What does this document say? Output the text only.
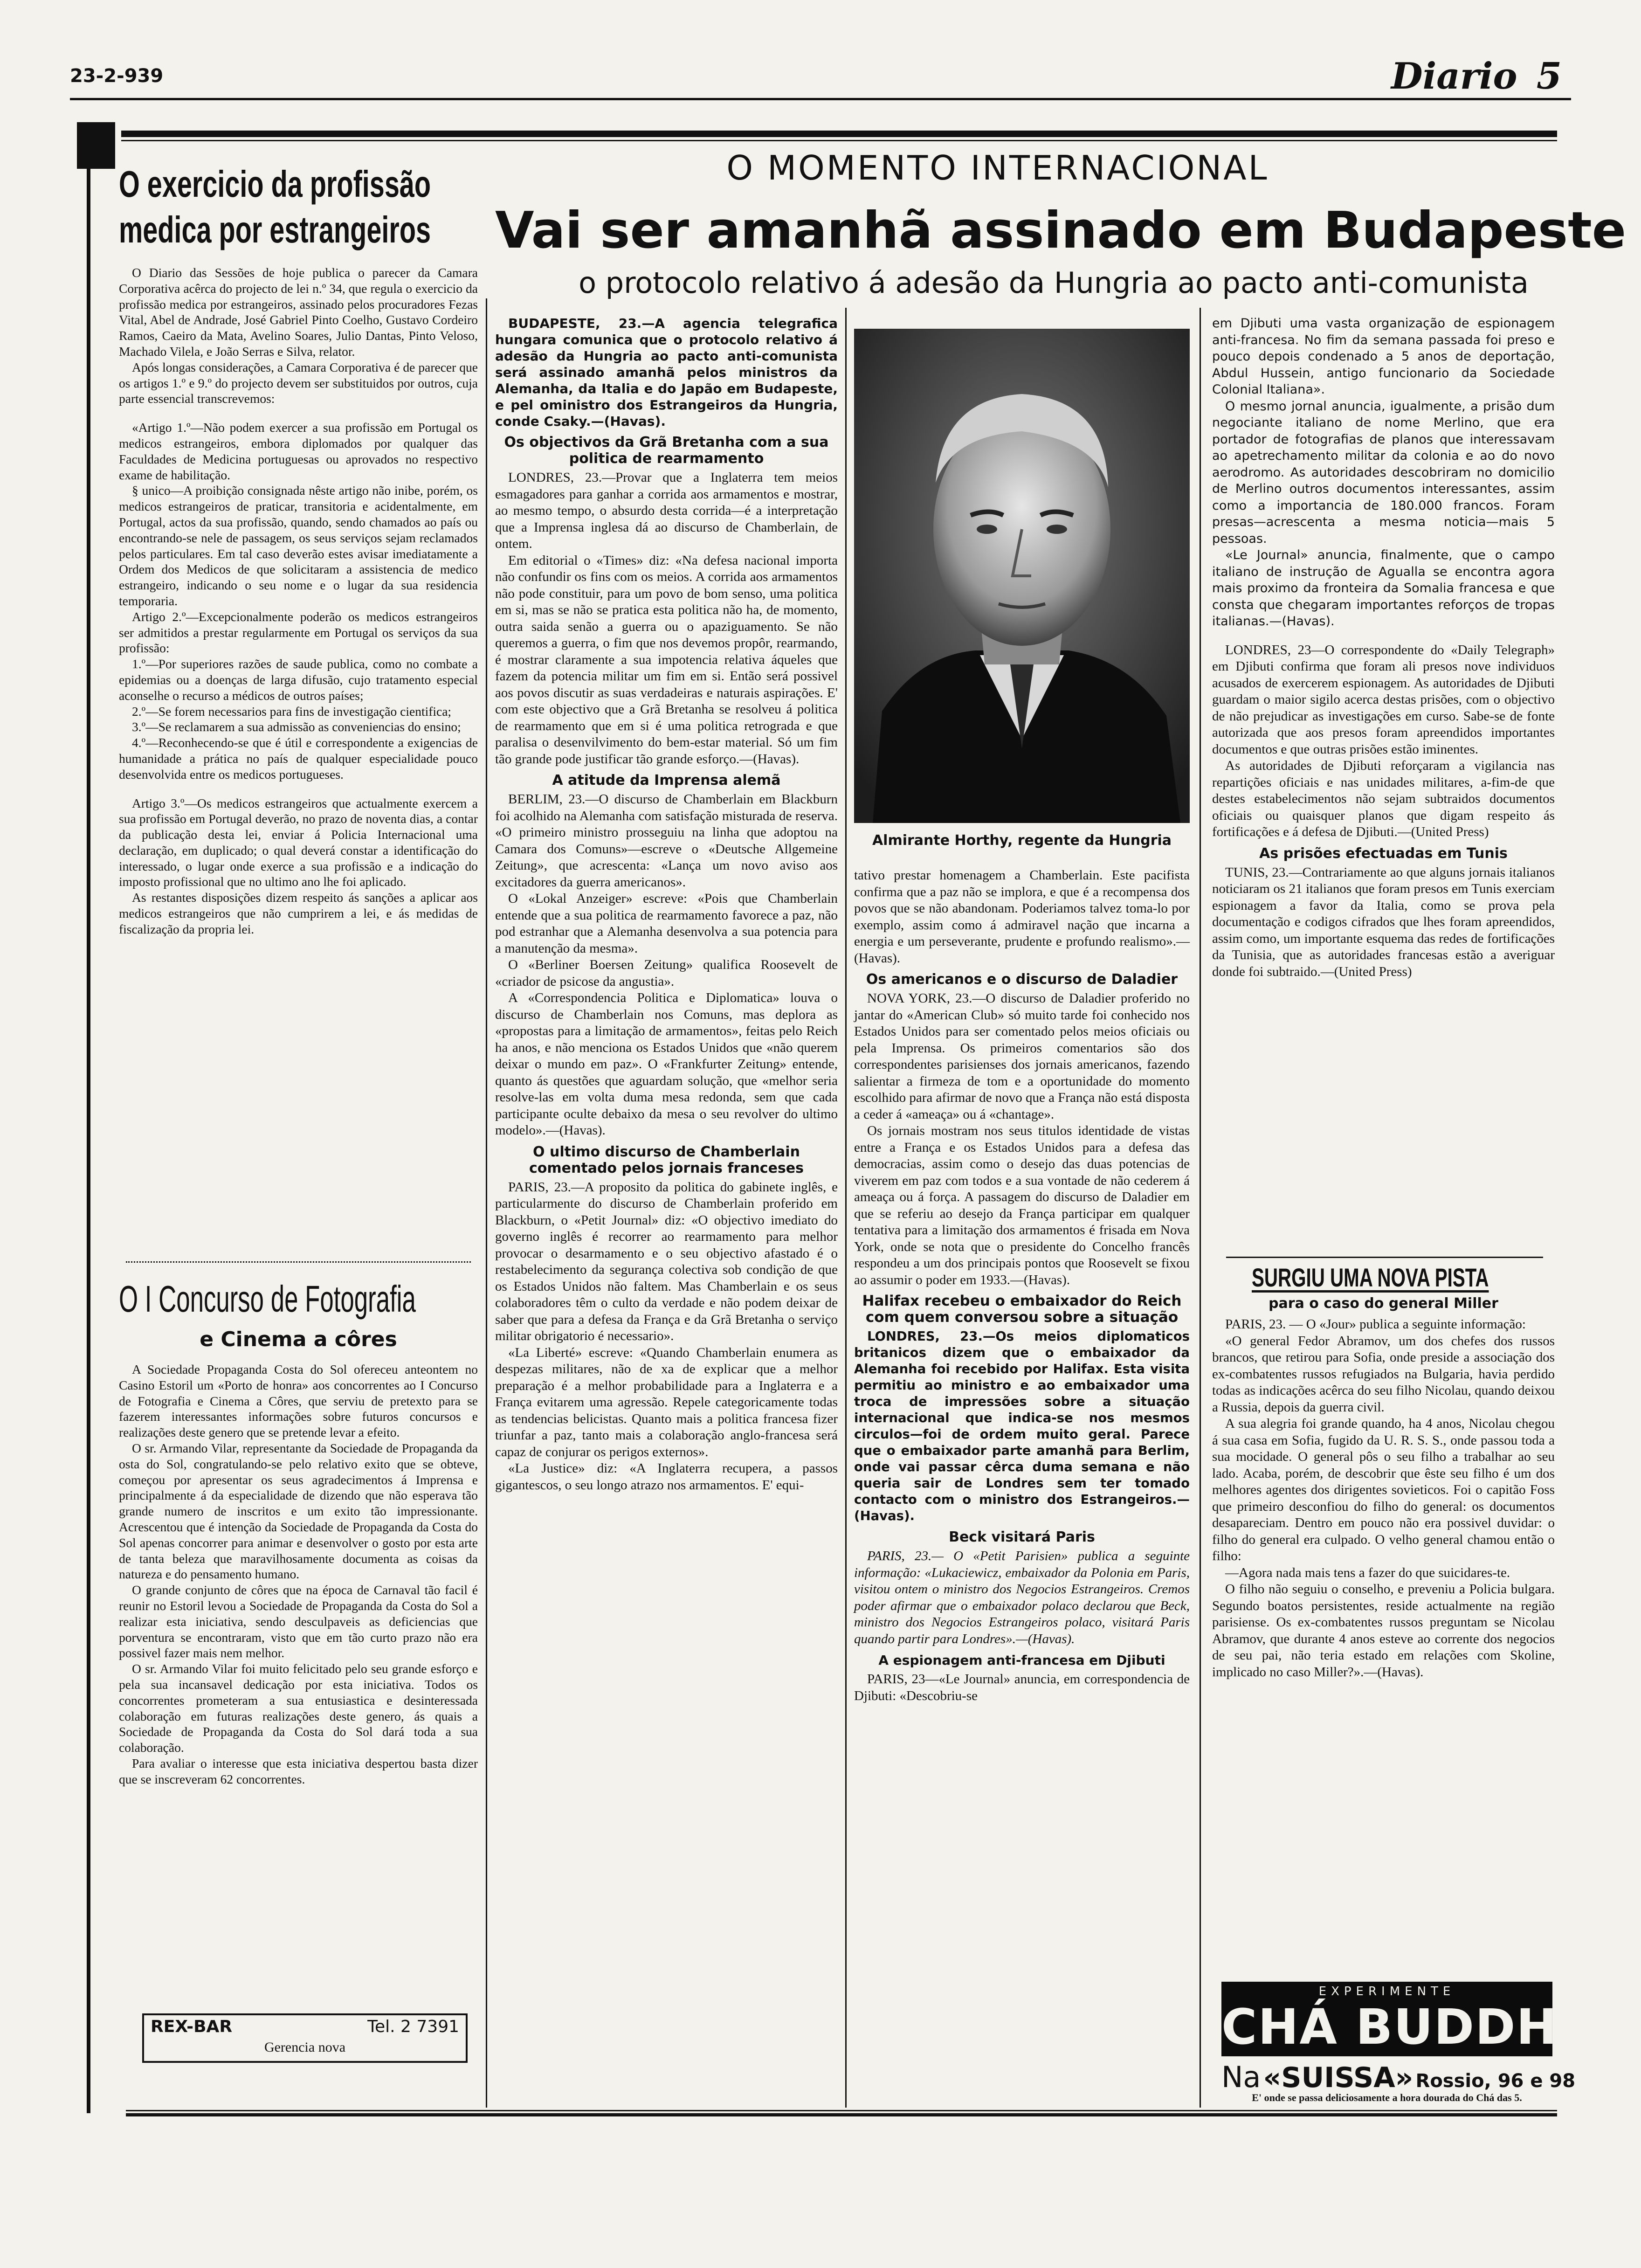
23-2-939	Diario 5
O exercicio da profissão
medica por estrangeiros

O Diario das Sessões de hoje publica o parecer da Camara Corporativa acêrca do projecto de lei n.º 34, que regula o exercicio da profissão medica por estrangeiros, assinado pelos procuradores Fezas Vital, Abel de Andrade, José Gabriel Pinto Coelho, Gustavo Cordeiro Ramos, Caeiro da Mata, Avelino Soares, Julio Dantas, Pinto Veloso, Machado Vilela, e João Serras e Silva, relator.

Após longas considerações, a Camara Corporativa é de parecer que os artigos 1.º e 9.º do projecto devem ser substituidos por outros, cuja parte essencial transcrevemos:

«Artigo 1.º—Não podem exercer a sua profissão em Portugal os medicos estrangeiros, embora diplomados por qualquer das Faculdades de Medicina portuguesas ou aprovados no respectivo exame de habilitação.

§ unico—A proibição consignada nêste artigo não inibe, porém, os medicos estrangeiros de praticar, transitoria e acidentalmente, em Portugal, actos da sua profissão, quando, sendo chamados ao país ou encontrando-se nele de passagem, os seus serviços sejam reclamados pelos particulares. Em tal caso deverão estes avisar imediatamente a Ordem dos Medicos de que solicitaram a assistencia de medico estrangeiro, indicando o seu nome e o lugar da sua residencia temporaria.

Artigo 2.º—Excepcionalmente poderão os medicos estrangeiros ser admitidos a prestar regularmente em Portugal os serviços da sua profissão:

1.º—Por superiores razões de saude publica, como no combate a epidemias ou a doenças de larga difusão, cujo tratamento especial aconselhe o recurso a médicos de outros países;

2.º—Se forem necessarios para fins de investigação cientifica;

3.º—Se reclamarem a sua admissão as conveniencias do ensino;

4.º—Reconhecendo-se que é útil e correspondente a exigencias de humanidade a prática no país de qualquer especialidade pouco desenvolvida entre os medicos portugueses.

Artigo 3.º—Os medicos estrangeiros que actualmente exercem a sua profissão em Portugal deverão, no prazo de noventa dias, a contar da publicação desta lei, enviar á Policia Internacional uma declaração, em duplicado; o qual deverá constar a identificação do interessado, o lugar onde exerce a sua profissão e a indicação do imposto profissional que no ultimo ano lhe foi aplicado.

As restantes disposições dizem respeito ás sanções a aplicar aos medicos estrangeiros que não cumprirem a lei, e ás medidas de fiscalização da propria lei.

O I Concurso de Fotografia
e Cinema a côres

A Sociedade Propaganda Costa do Sol ofereceu anteontem no Casino Estoril um «Porto de honra» aos concorrentes ao I Concurso de Fotografia e Cinema a Côres, que serviu de pretexto para se fazerem interessantes informações sobre futuros concursos e realizações deste genero que se pretende levar a efeito.

O sr. Armando Vilar, representante da Sociedade de Propaganda da osta do Sol, congratulando-se pelo relativo exito que se obteve, começou por apresentar os seus agradecimentos á Imprensa e principalmente á da especialidade de dizendo que não esperava tão grande numero de inscritos e um exito tão impressionante. Acrescentou que é intenção da Sociedade de Propaganda da Costa do Sol apenas concorrer para animar e desenvolver o gosto por esta arte de tanta beleza que maravilhosamente documenta as coisas da natureza e do pensamento humano.

O grande conjunto de côres que na época de Carnaval tão facil é reunir no Estoril levou a Sociedade de Propaganda da Costa do Sol a realizar esta iniciativa, sendo desculpaveis as deficiencias que porventura se encontraram, visto que em tão curto prazo não era possivel fazer mais nem melhor.

O sr. Armando Vilar foi muito felicitado pelo seu grande esforço e pela sua incansavel dedicação por esta iniciativa. Todos os concorrentes prometeram a sua entusiastica e desinteressada colaboração em futuras realizações deste genero, ás quais a Sociedade de Propaganda da Costa do Sol dará toda a sua colaboração.

Para avaliar o interesse que esta iniciativa despertou basta dizer que se inscreveram 62 concorrentes.

REX-BAR	Tel. 2 7391
Gerencia nova
O MOMENTO INTERNACIONAL
Vai ser amanhã assinado em Budapeste
o protocolo relativo á adesão da Hungria ao pacto anti-comunista

BUDAPESTE, 23.—A agencia telegrafica hungara comunica que o protocolo relativo á adesão da Hungria ao pacto anti-comunista será assinado amanhã pelos ministros da Alemanha, da Italia e do Japão em Budapeste, e pel oministro dos Estrangeiros da Hungria, conde Csaky.—(Havas).

Os objectivos da Grã Bretanha com a sua politica de rearmamento

LONDRES, 23.—Provar que a Inglaterra tem meios esmagadores para ganhar a corrida aos armamentos e mostrar, ao mesmo tempo, o absurdo desta corrida—é a interpretação que a Imprensa inglesa dá ao discurso de Chamberlain, de ontem.

Em editorial o «Times» diz: «Na defesa nacional importa não confundir os fins com os meios. A corrida aos armamentos não pode constituir, para um povo de bom senso, uma politica em si, mas se não se pratica esta politica não ha, de momento, outra saida senão a guerra ou o apaziguamento. Se não queremos a guerra, o fim que nos devemos propôr, rearmando, é mostrar claramente a sua impotencia relativa áqueles que fazem da potencia militar um fim em si. Então será possivel aos povos discutir as suas verdadeiras e naturais aspirações. E' com este objectivo que a Grã Bretanha se resolveu á politica de rearmamento que em si é uma politica retrograda e que paralisa o desenvilvimento do bem-estar material. Só um fim tão grande pode justificar tão grande esforço.—(Havas).

A atitude da Imprensa alemã

BERLIM, 23.—O discurso de Chamberlain em Blackburn foi acolhido na Alemanha com satisfação misturada de reserva. «O primeiro ministro prosseguiu na linha que adoptou na Camara dos Comuns»—escreve o «Deutsche Allgemeine Zeitung», que acrescenta: «Lança um novo aviso aos excitadores da guerra americanos».

O «Lokal Anzeiger» escreve: «Pois que Chamberlain entende que a sua politica de rearmamento favorece a paz, não pod estranhar que a Alemanha desenvolva a sua potencia para a manutenção da mesma».

O «Berliner Boersen Zeitung» qualifica Roosevelt de «criador de psicose da angustia».

A «Correspondencia Politica e Diplomatica» louva o discurso de Chamberlain nos Comuns, mas deplora as «propostas para a limitação de armamentos», feitas pelo Reich ha anos, e não menciona os Estados Unidos que «não querem deixar o mundo em paz». O «Frankfurter Zeitung» entende, quanto ás questões que aguardam solução, que «melhor seria resolve-las em volta duma mesa redonda, sem que cada participante oculte debaixo da mesa o seu revolver do ultimo modelo».—(Havas).

O ultimo discurso de Chamberlain comentado pelos jornais franceses

PARIS, 23.—A proposito da politica do gabinete inglês, e particularmente do discurso de Chamberlain proferido em Blackburn, o «Petit Journal» diz: «O objectivo imediato do governo inglês é recorrer ao rearmamento para melhor provocar o desarmamento e o seu objectivo afastado é o restabelecimento da segurança colectiva sob condição de que os Estados Unidos não faltem. Mas Chamberlain e os seus colaboradores têm o culto da verdade e não podem deixar de saber que para a defesa da França e da Grã Bretanha o serviço militar obrigatorio é necessario».

«La Liberté» escreve: «Quando Chamberlain enumera as despezas militares, não de xa de explicar que a melhor preparação é a melhor probabilidade para a Inglaterra e a França evitarem uma agressão. Repele categoricamente todas as tendencias belicistas. Quanto mais a politica francesa fizer triunfar a paz, tanto mais a colaboração anglo-francesa será capaz de conjurar os perigos externos».

«La Justice» diz: «A Inglaterra recupera, a passos gigantescos, o seu longo atrazo nos armamentos. E' equi-

Almirante Horthy, regente da Hungria

tativo prestar homenagem a Chamberlain. Este pacifista confirma que a paz não se implora, e que é a recompensa dos povos que se não abandonam. Poderiamos talvez toma-lo por exemplo, assim como á admiravel nação que incarna a energia e um perseverante, prudente e profundo realismo».—(Havas).

Os americanos e o discurso de Daladier

NOVA YORK, 23.—O discurso de Daladier proferido no jantar do «American Club» só muito tarde foi conhecido nos Estados Unidos para ser comentado pelos meios oficiais ou pela Imprensa. Os primeiros comentarios são dos correspondentes parisienses dos jornais americanos, fazendo salientar a firmeza de tom e a oportunidade do momento escolhido para afirmar de novo que a França não está disposta a ceder á «ameaça» ou á «chantage».

Os jornais mostram nos seus titulos identidade de vistas entre a França e os Estados Unidos para a defesa das democracias, assim como o desejo das duas potencias de viverem em paz com todos e a sua vontade de não cederem á ameaça ou á força. A passagem do discurso de Daladier em que se referiu ao desejo da França participar em qualquer tentativa para a limitação dos armamentos é frisada em Nova York, onde se nota que o presidente do Concelho francês respondeu a um dos principais pontos que Roosevelt se fixou ao assumir o poder em 1933.—(Havas).

Halifax recebeu o embaixador do Reich com quem conversou sobre a situação

LONDRES, 23.—Os meios diplomaticos britanicos dizem que o embaixador da Alemanha foi recebido por Halifax. Esta visita permitiu ao ministro e ao embaixador uma troca de impressões sobre a situação internacional que indica-se nos mesmos circulos—foi de ordem muito geral. Parece que o embaixador parte amanhã para Berlim, onde vai passar cêrca duma semana e não queria sair de Londres sem ter tomado contacto com o ministro dos Estrangeiros.—(Havas).

Beck visitará Paris

PARIS, 23.— O «Petit Parisien» publica a seguinte informação: «Lukaciewicz, embaixador da Polonia em Paris, visitou ontem o ministro dos Negocios Estrangeiros. Cremos poder afirmar que o embaixador polaco declarou que Beck, ministro dos Negocios Estrangeiros polaco, visitará Paris quando partir para Londres».—(Havas).

A espionagem anti-francesa em Djibuti

PARIS, 23—«Le Journal» anuncia, em correspondencia de Djibuti: «Descobriu-se

em Djibuti uma vasta organização de espionagem anti-francesa. No fim da semana passada foi preso e pouco depois condenado a 5 anos de deportação, Abdul Hussein, antigo funcionario da Sociedade Colonial Italiana».

O mesmo jornal anuncia, igualmente, a prisão dum negociante italiano de nome Merlino, que era portador de fotografias de planos que interessavam ao apetrechamento militar da colonia e ao do novo aerodromo. As autoridades descobriram no domicilio de Merlino outros documentos interessantes, assim como a importancia de 180.000 francos. Foram presas—acrescenta a mesma noticia—mais 5 pessoas.

«Le Journal» anuncia, finalmente, que o campo italiano de instrução de Agualla se encontra agora mais proximo da fronteira da Somalia francesa e que consta que chegaram importantes reforços de tropas italianas.—(Havas).

LONDRES, 23—O correspondente do «Daily Telegraph» em Djibuti confirma que foram ali presos nove individuos acusados de exercerem espionagem. As autoridades de Djibuti guardam o maior sigilo acerca destas prisões, com o objectivo de não prejudicar as investigações em curso. Sabe-se de fonte autorizada que aos presos foram apreendidos importantes documentos e que outras prisões estão iminentes.

As autoridades de Djibuti reforçaram a vigilancia nas repartições oficiais e nas unidades militares, a-fim-de que destes estabelecimentos não sejam subtraidos documentos oficiais ou quaisquer planos que digam respeito ás fortificações e á defesa de Djibuti.—(United Press)

As prisões efectuadas em Tunis

TUNIS, 23.—Contrariamente ao que alguns jornais italianos noticiaram os 21 italianos que foram presos em Tunis exerciam espionagem a favor da Italia, como se prova pela documentação e codigos cifrados que lhes foram apreendidos, assim como, um importante esquema das redes de fortificações da Tunisia, que as autoridades francesas estão a averiguar donde foi subtraido.—(United Press)

SURGIU UMA NOVA PISTA
para o caso do general Miller

PARIS, 23. — O «Jour» publica a seguinte informação:

«O general Fedor Abramov, um dos chefes dos russos brancos, que retirou para Sofia, onde preside a associação dos ex-combatentes russos refugiados na Bulgaria, havia perdido todas as indicações acêrca do seu filho Nicolau, quando deixou a Russia, depois da guerra civil.

A sua alegria foi grande quando, ha 4 anos, Nicolau chegou á sua casa em Sofia, fugido da U. R. S. S., onde passou toda a sua mocidade. O general pôs o seu filho a trabalhar ao seu lado. Acaba, porém, de descobrir que êste seu filho é um dos melhores agentes dos dirigentes sovieticos. Foi o capitão Foss que primeiro desconfiou do filho do general: os documentos desapareciam. Dentro em pouco não era possivel duvidar: o filho do general era culpado. O velho general chamou então o filho:

—Agora nada mais tens a fazer do que suicidares-te.

O filho não seguiu o conselho, e preveniu a Policia bulgara. Segundo boatos persistentes, reside actualmente na região parisiense. Os ex-combatentes russos preguntam se Nicolau Abramov, que durante 4 anos esteve ao corrente dos negocios de seu pai, não teria estado em relações com Skoline, implicado no caso Miller?».—(Havas).

EXPERIMENTE
CHÁ BUDDHA
Na «SUISSA» Rossio, 96 e 98
E' onde se passa deliciosamente a hora dourada do Chá das 5.
